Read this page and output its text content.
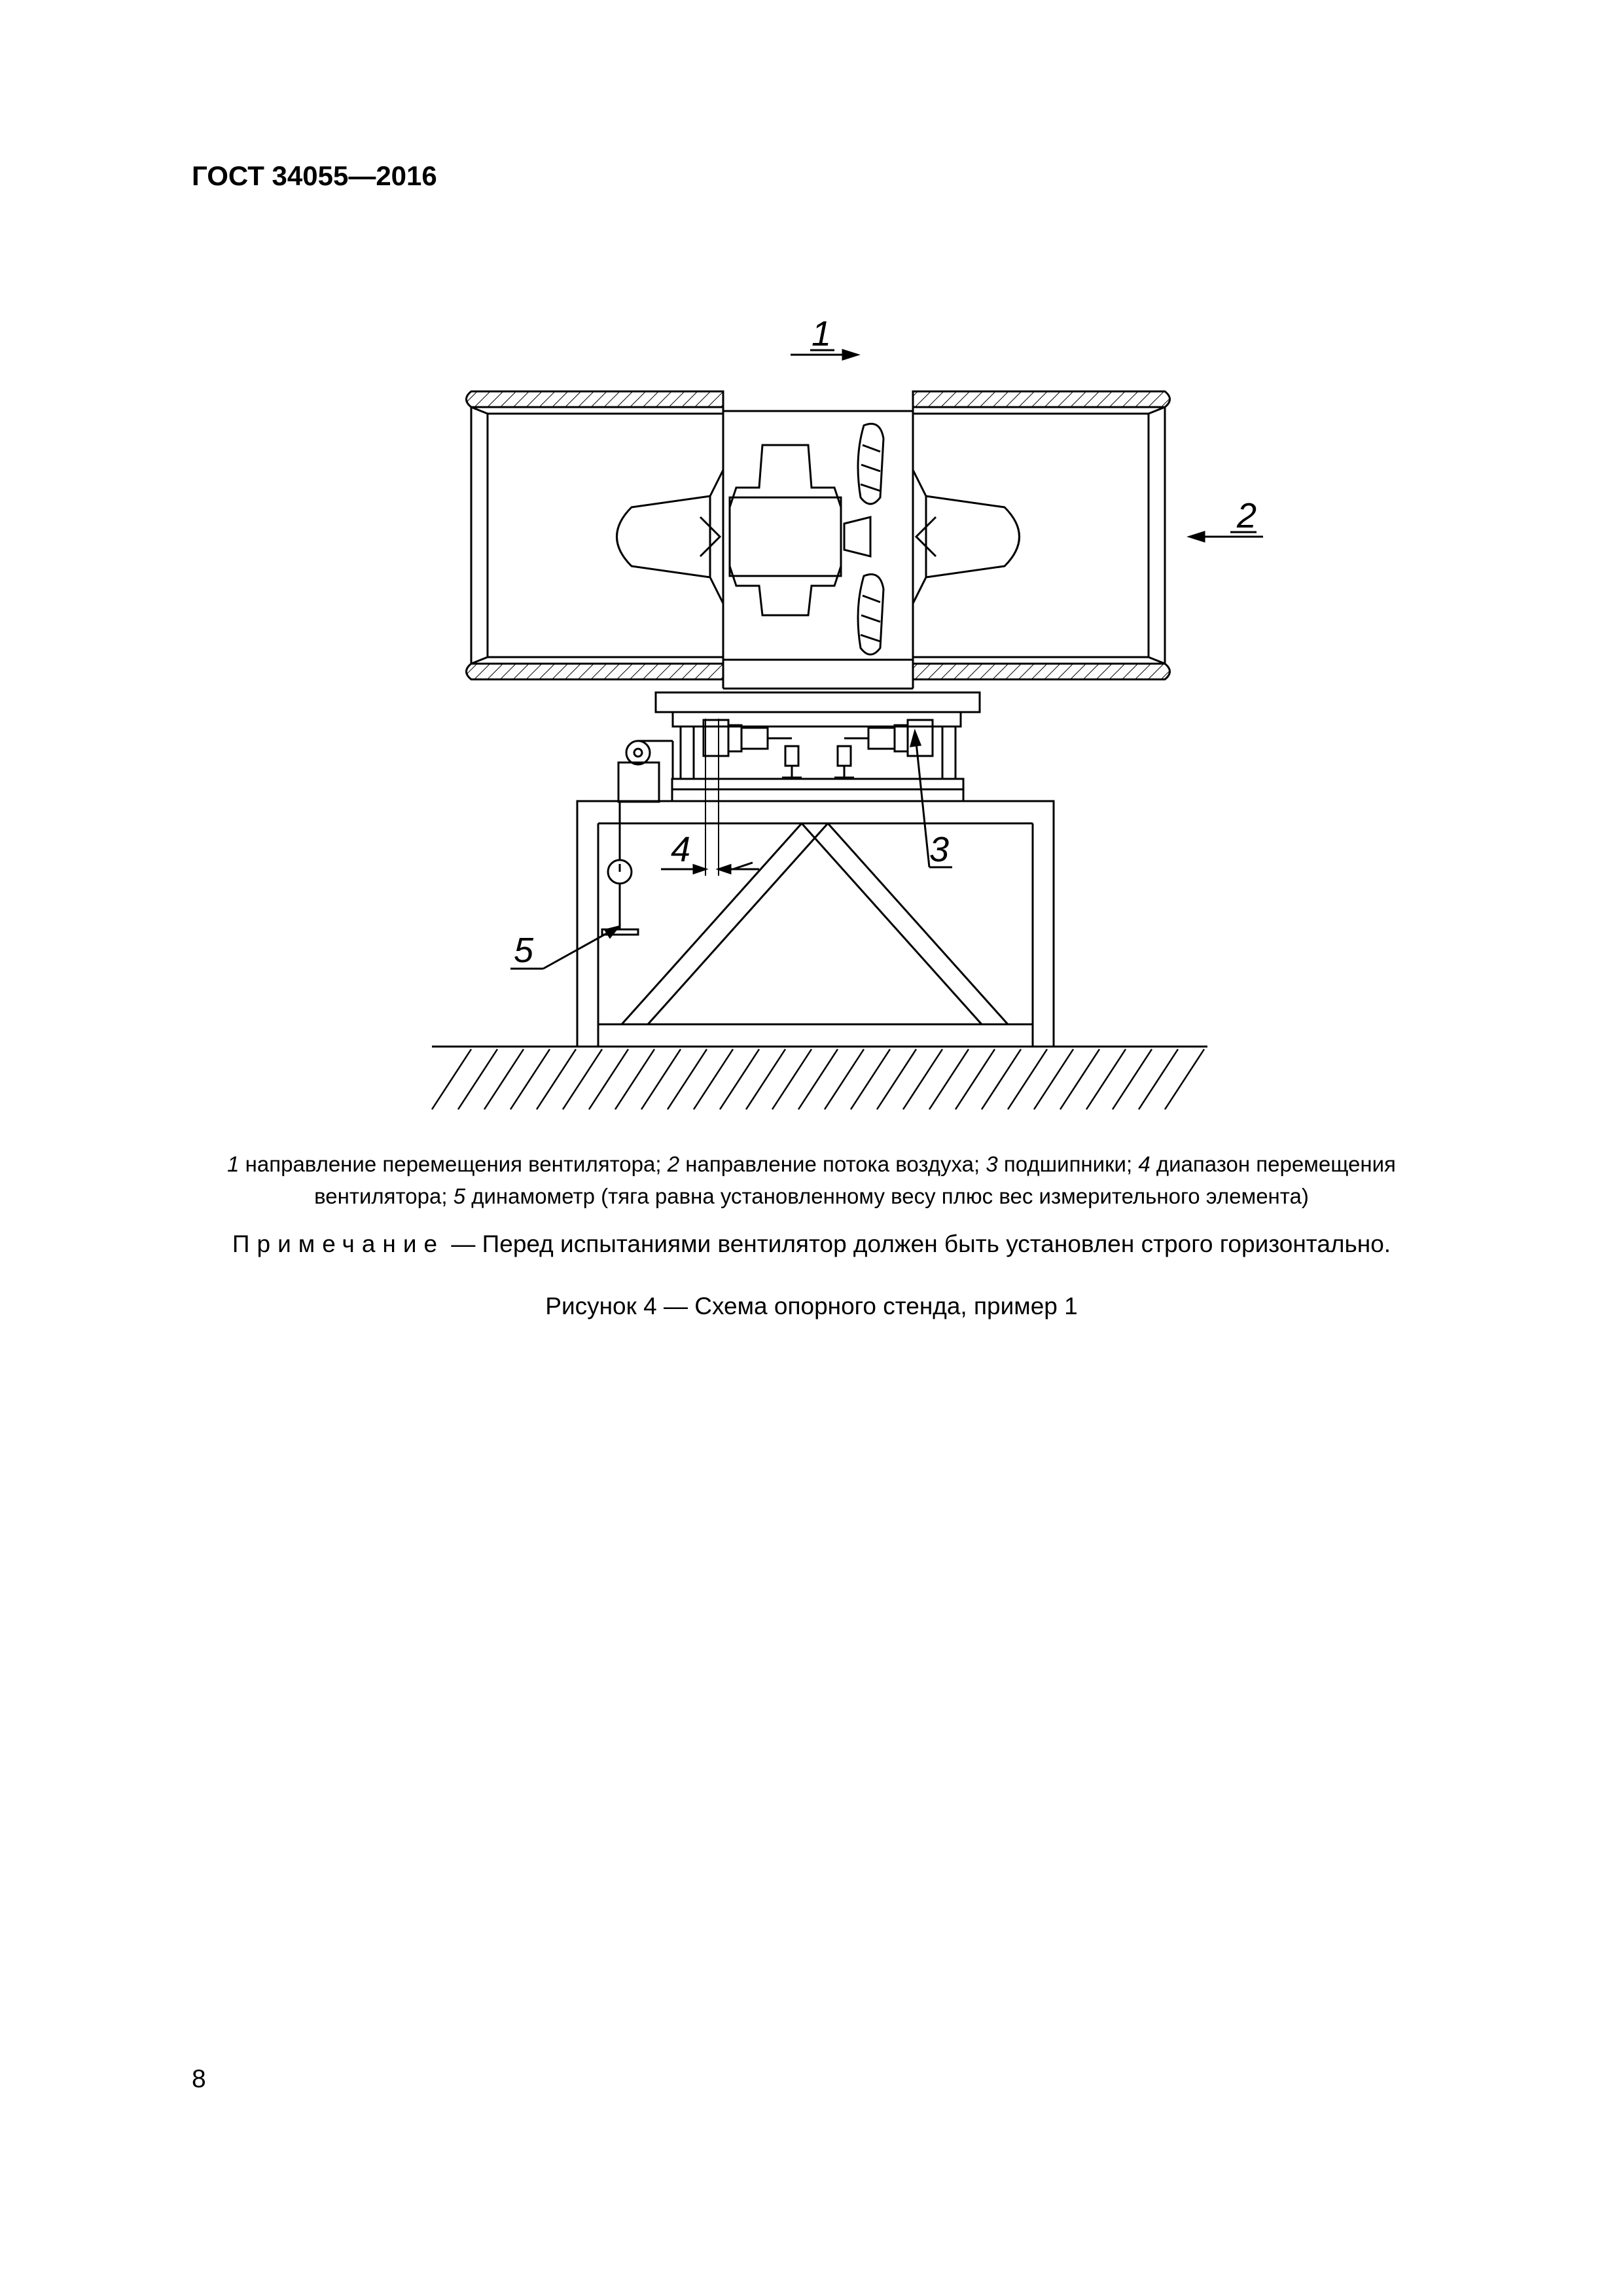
ГОСТ 34055—2016
1
2
3
4
5
1 направление перемещения вентилятора; 2 направление потока воздуха; 3 подшипники; 4 диапазон перемещения вентилятора; 5 динамометр (тяга равна установленному весу плюс вес измерительного элемента)
Примечание — Перед испытаниями вентилятор должен быть установлен строго горизонтально.
Рисунок 4 — Схема опорного стенда, пример 1
8
